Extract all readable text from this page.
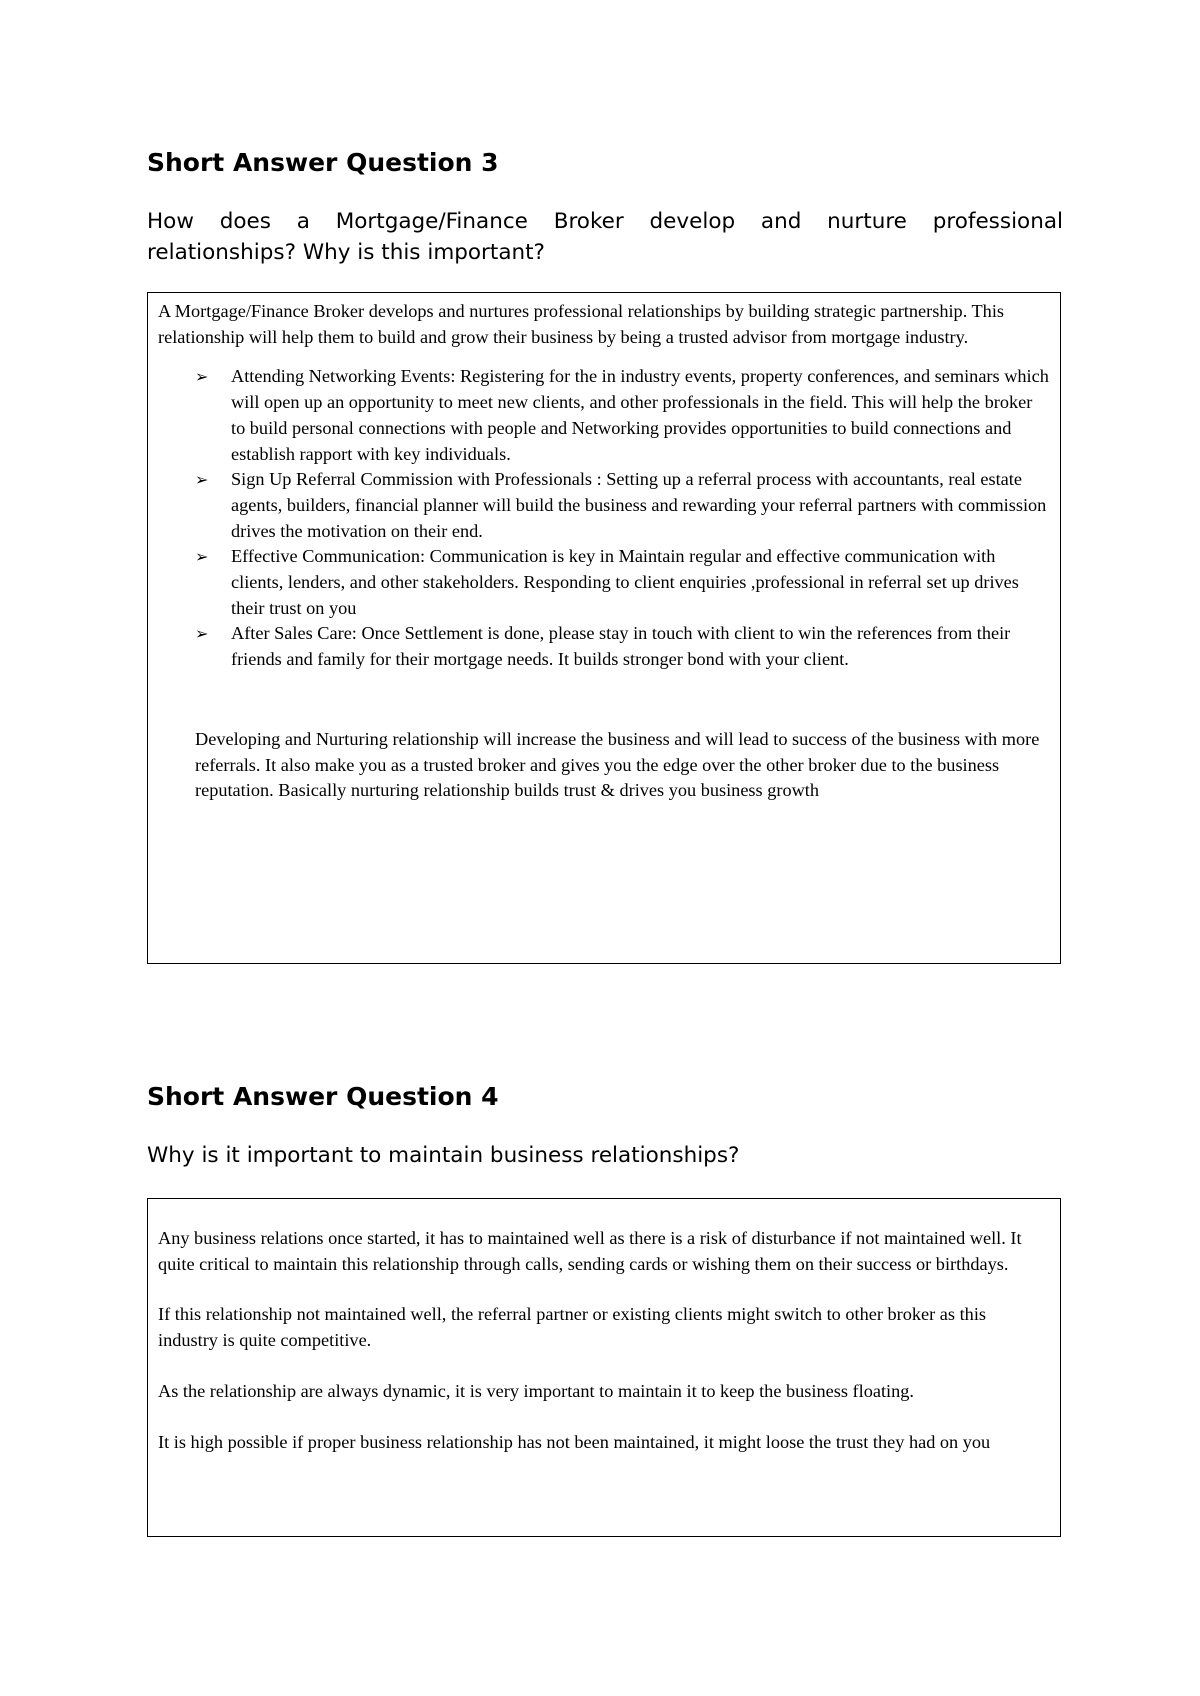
Short Answer Question 3

How does a Mortgage/Finance Broker develop and nurture professional relationships? Why is this important?

A Mortgage/Finance Broker develops and nurtures professional relationships by building strategic partnership. This relationship will help them to build and grow their business by being a trusted advisor from mortgage industry.

➢ Attending Networking Events: Registering for the in industry events, property conferences, and seminars which will open up an opportunity to meet new clients, and other professionals in the field. This will help the broker to build personal connections with people and Networking provides opportunities to build connections and establish rapport with key individuals.
➢ Sign Up Referral Commission with Professionals : Setting up a referral process with accountants, real estate agents, builders, financial planner will build the business and rewarding your referral partners with commission drives the motivation on their end.
➢ Effective Communication: Communication is key in Maintain regular and effective communication with clients, lenders, and other stakeholders. Responding to client enquiries ,professional in referral set up drives their trust on you
➢ After Sales Care: Once Settlement is done, please stay in touch with client to win the references from their friends and family for their mortgage needs. It builds stronger bond with your client.

Developing and Nurturing relationship will increase the business and will lead to success of the business with more referrals. It also make you as a trusted broker and gives you the edge over the other broker due to the business reputation. Basically nurturing relationship builds trust & drives you business growth

Short Answer Question 4

Why is it important to maintain business relationships?

Any business relations once started, it has to maintained well as there is a risk of disturbance if not maintained well. It quite critical to maintain this relationship through calls, sending cards or wishing them on their success or birthdays.

If this relationship not maintained well, the referral partner or existing clients might switch to other broker as this industry is quite competitive.

As the relationship are always dynamic, it is very important to maintain it to keep the business floating.

It is high possible if proper business relationship has not been maintained, it might loose the trust they had on you
